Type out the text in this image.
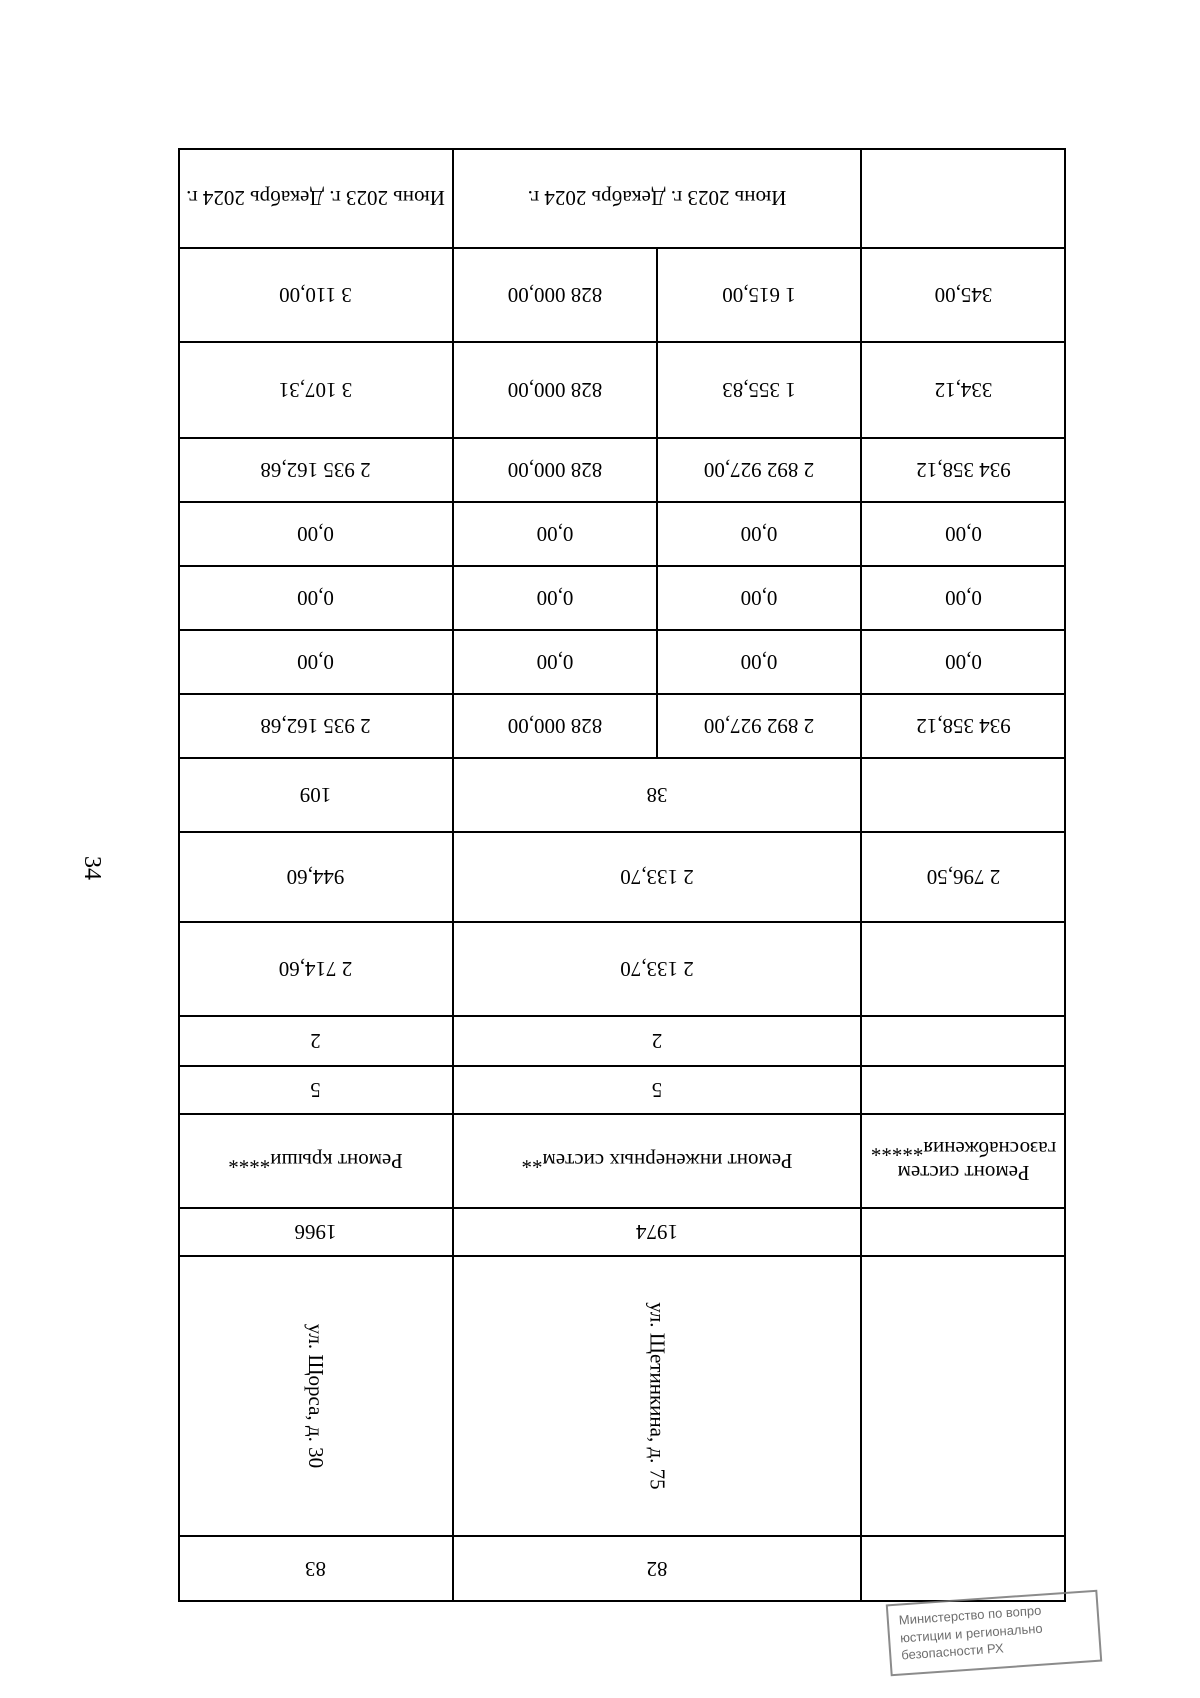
34
82
83
ул. Щетинкина, д. 75
ул. Щорса, д. 30
1974
1966
Ремонт систем газоснабжения*****
Ремонт инженерных систем**
Ремонт крыши****
5
5
2
2
2 133,70
2 714,60
2 796,50
2 133,70
944,60
38
109
934 358,12
2 892 927,00
828 000,00
2 935 162,68
0,00
0,00
0,00
0,00
0,00
0,00
0,00
0,00
0,00
0,00
0,00
0,00
934 358,12
2 892 927,00
828 000,00
2 935 162,68
334,12
1 355,83
828 000,00
3 107,31
345,00
1 615,00
828 000,00
3 110,00
Июнь 2023 г. Декабрь 2024 г.
Июнь 2023 г. Декабрь 2024 г.
Министерство по вопро
юстиции и регионально
безопасности РХ
